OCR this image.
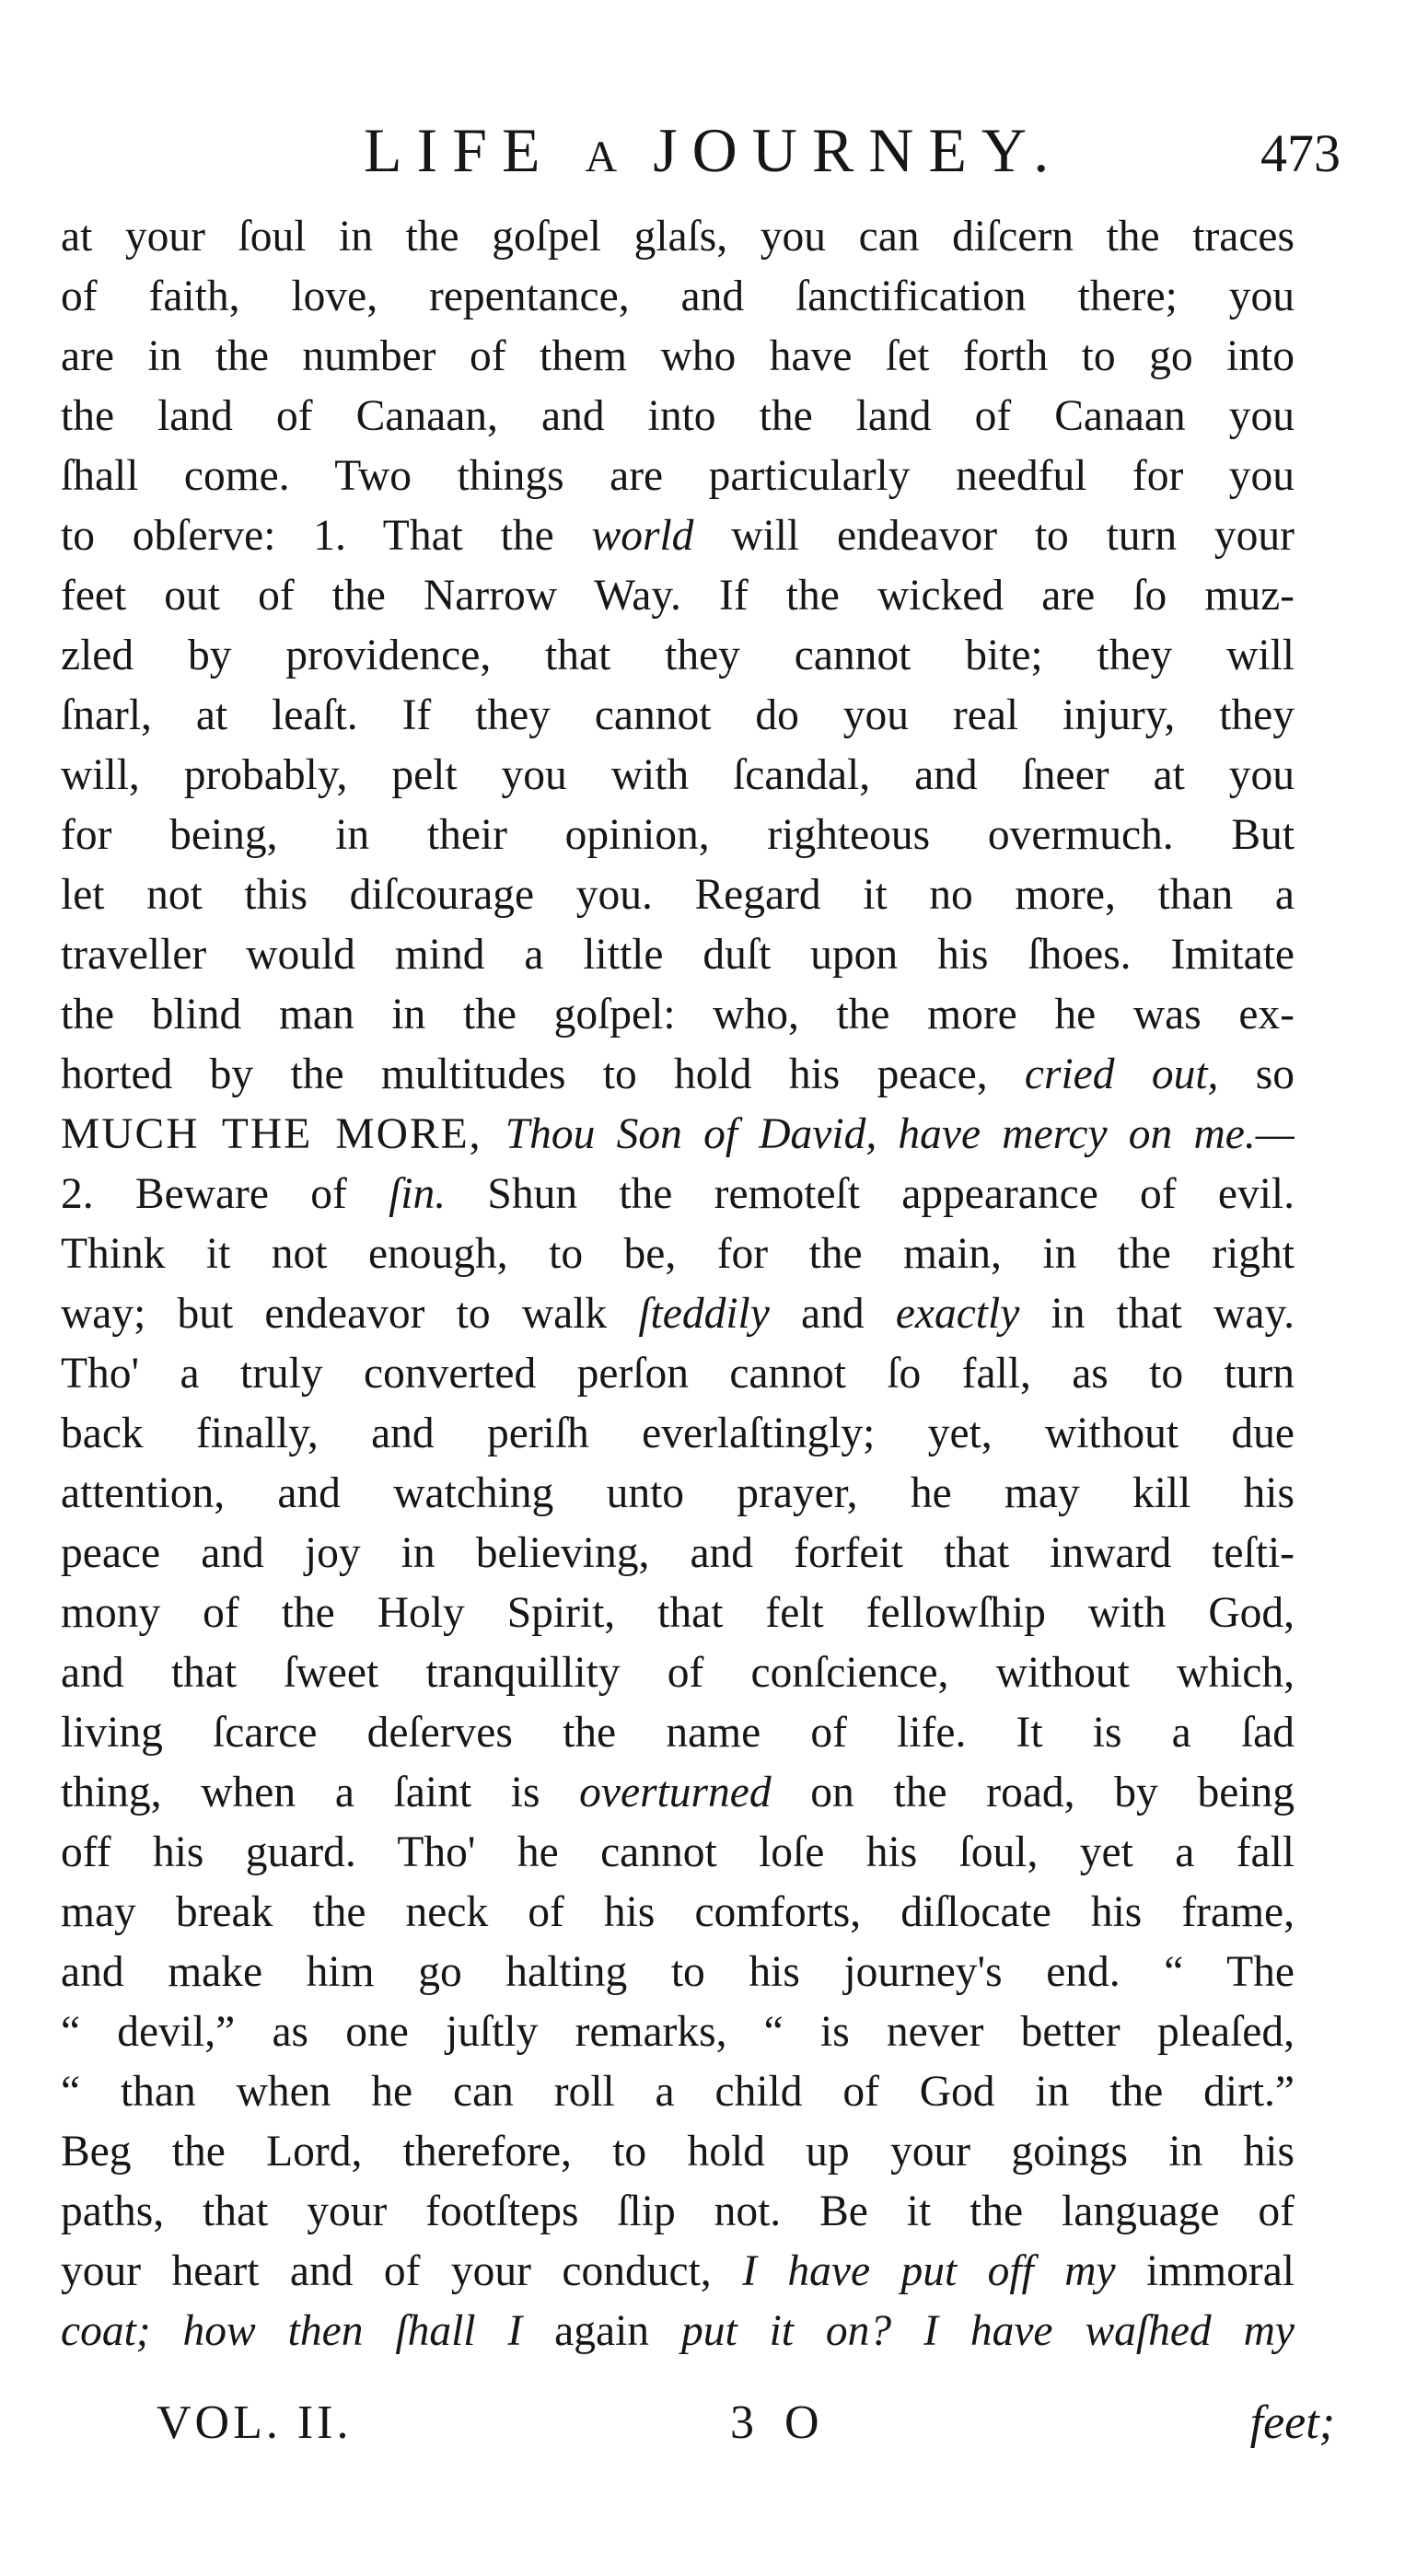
LIFE A JOURNEY.	473
at your ſoul in the goſpel glaſs, you can diſcern the traces
of faith, love, repentance, and ſanctification there; you
are in the number of them who have ſet forth to go into
the land of Canaan, and into the land of Canaan you
ſhall come. Two things are particularly needful for you
to obſerve: 1. That the world will endeavor to turn your
feet out of the Narrow Way. If the wicked are ſo muz-
zled by providence, that they cannot bite; they will
ſnarl, at leaſt. If they cannot do you real injury, they
will, probably, pelt you with ſcandal, and ſneer at you
for being, in their opinion, righteous overmuch. But
let not this diſcourage you. Regard it no more, than a
traveller would mind a little duſt upon his ſhoes. Imitate
the blind man in the goſpel: who, the more he was ex-
horted by the multitudes to hold his peace, cried out, so
MUCH THE MORE, Thou Son of David, have mercy on me.—
2. Beware of ſin. Shun the remoteſt appearance of evil.
Think it not enough, to be, for the main, in the right
way; but endeavor to walk ſteddily and exactly in that way.
Tho' a truly converted perſon cannot ſo fall, as to turn
back finally, and periſh everlaſtingly; yet, without due
attention, and watching unto prayer, he may kill his
peace and joy in believing, and forfeit that inward teſti-
mony of the Holy Spirit, that felt fellowſhip with God,
and that ſweet tranquillity of conſcience, without which,
living ſcarce deſerves the name of life. It is a ſad
thing, when a ſaint is overturned on the road, by being
off his guard. Tho' he cannot loſe his ſoul, yet a fall
may break the neck of his comforts, diſlocate his frame,
and make him go halting to his journey's end. “ The
“ devil,” as one juſtly remarks, “ is never better pleaſed,
“ than when he can roll a child of God in the dirt.”
Beg the Lord, therefore, to hold up your goings in his
paths, that your footſteps ſlip not. Be it the language of
your heart and of your conduct, I have put off my immoral
coat; how then ſhall I again put it on? I have waſhed my
VOL. II.	3 O	feet;
